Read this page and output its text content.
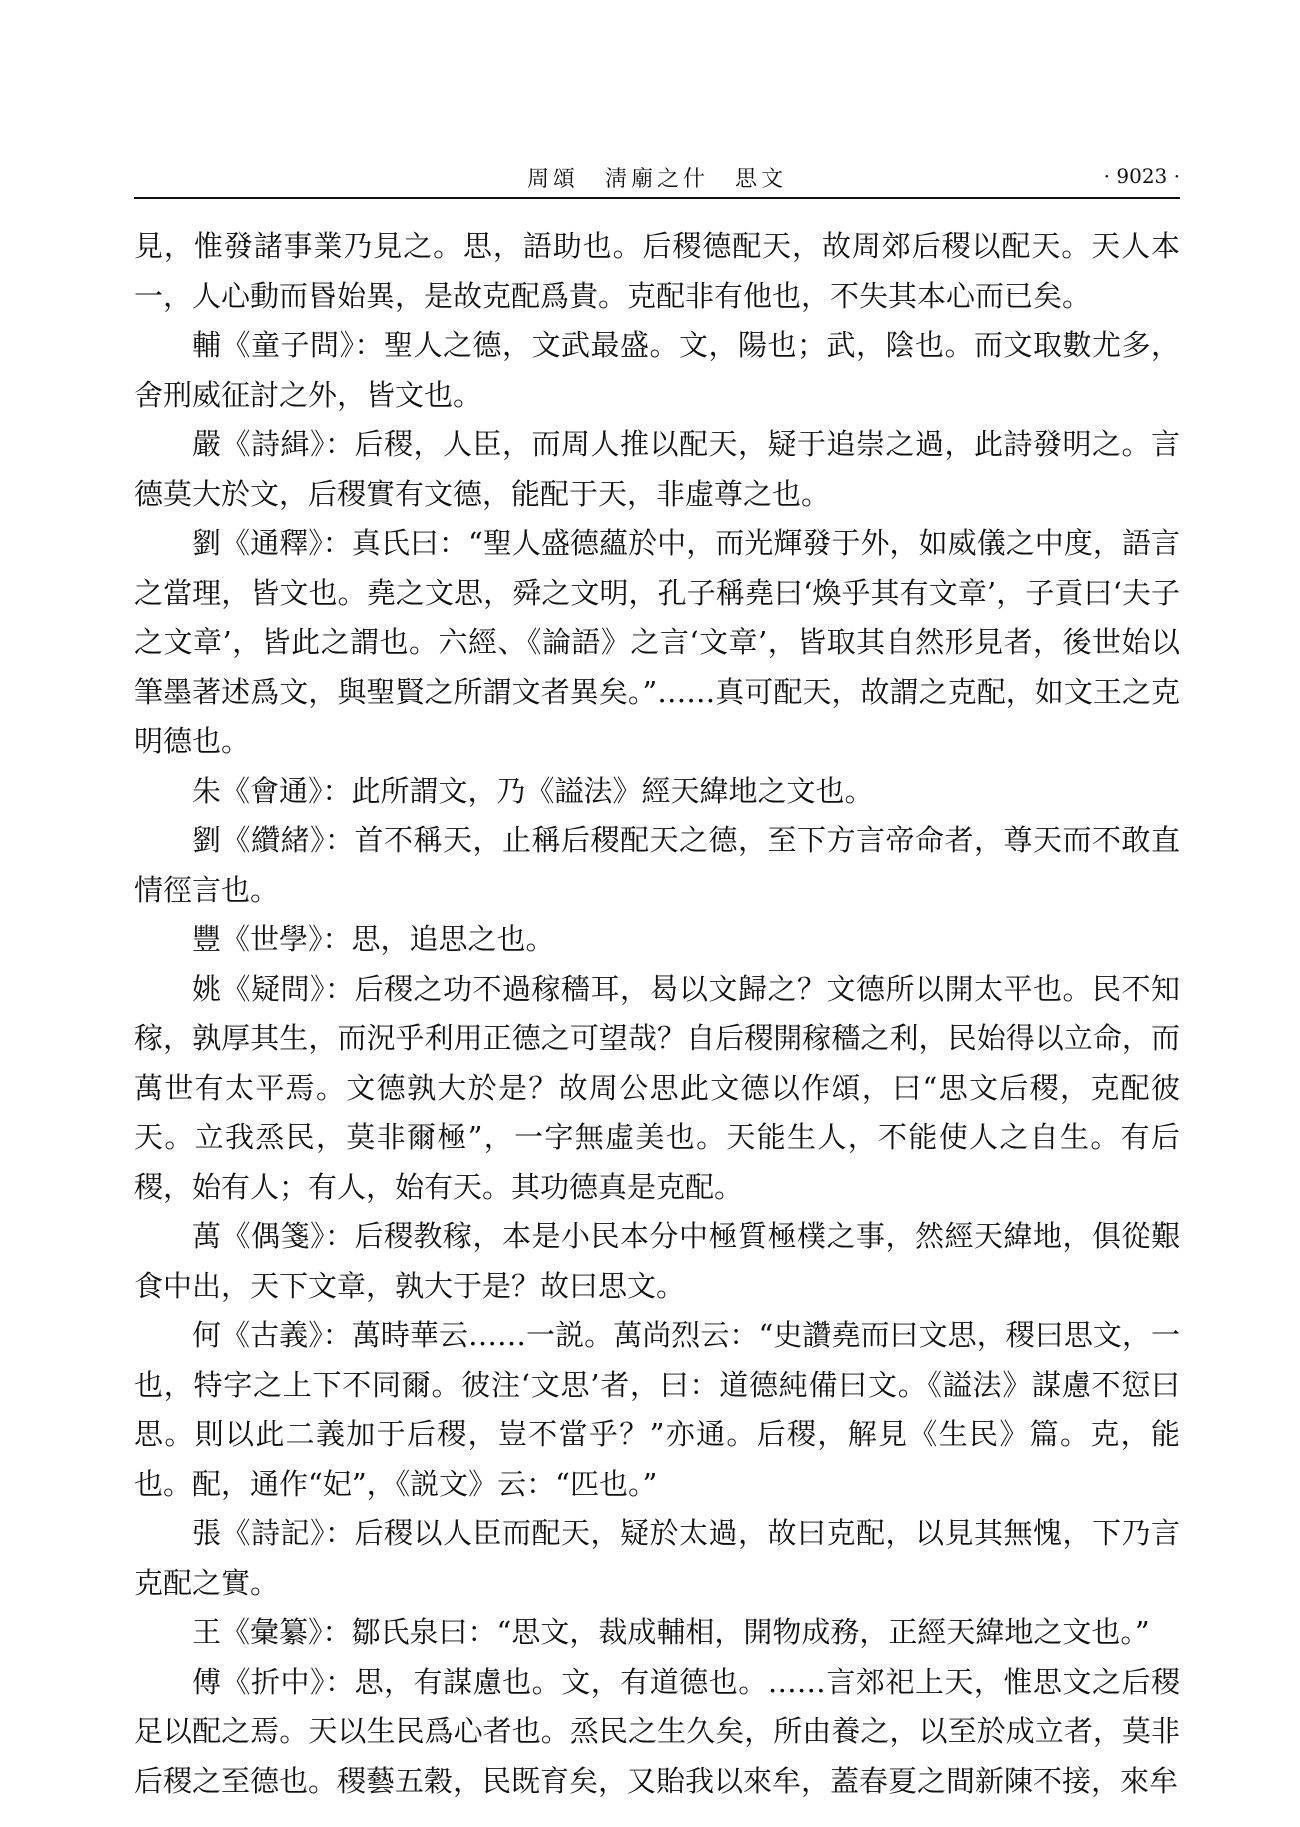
周頌　淸廟之什　思文	· 9023 ·

見，惟發諸事業乃見之。思，語助也。后稷德配天，故周郊后稷以配天。天人本一，人心動而昬始異，是故克配爲貴。克配非有他也，不失其本心而已矣。

輔《童子問》：聖人之德，文武最盛。文，陽也；武，陰也。而文取數尤多，舍刑威征討之外，皆文也。

嚴《詩緝》：后稷，人臣，而周人推以配天，疑于追崇之過，此詩發明之。言德莫大於文，后稷實有文德，能配于天，非虛尊之也。

劉《通釋》：真氏曰：“聖人盛德蘊於中，而光輝發于外，如威儀之中度，語言之當理，皆文也。堯之文思，舜之文明，孔子稱堯曰‘煥乎其有文章’，子貢曰‘夫子之文章’，皆此之謂也。六經、《論語》之言‘文章’，皆取其自然形見者，後世始以筆墨著述爲文，與聖賢之所謂文者異矣。”……真可配天，故謂之克配，如文王之克明德也。

朱《會通》：此所謂文，乃《謚法》經天緯地之文也。

劉《纘緒》：首不稱天，止稱后稷配天之德，至下方言帝命者，尊天而不敢直情徑言也。

豐《世學》：思，追思之也。

姚《疑問》：后稷之功不過稼穡耳，曷以文歸之？文德所以開太平也。民不知稼，孰厚其生，而況乎利用正德之可望哉？自后稷開稼穡之利，民始得以立命，而萬世有太平焉。文德孰大於是？故周公思此文德以作頌，曰“思文后稷，克配彼天。立我烝民，莫非爾極”，一字無虛美也。天能生人，不能使人之自生。有后稷，始有人；有人，始有天。其功德真是克配。

萬《偶箋》：后稷教稼，本是小民本分中極質極樸之事，然經天緯地，俱從艱食中出，天下文章，孰大于是？故曰思文。

何《古義》：萬時華云……一説。萬尚烈云：“史讚堯而曰文思，稷曰思文，一也，特字之上下不同爾。彼注‘文思’者，曰：道德純備曰文。《謚法》謀慮不愆曰思。則以此二義加于后稷，豈不當乎？”亦通。后稷，解見《生民》篇。克，能也。配，通作“妃”，《説文》云：“匹也。”

張《詩記》：后稷以人臣而配天，疑於太過，故曰克配，以見其無愧，下乃言克配之實。

王《彙纂》：鄒氏泉曰：“思文，裁成輔相，開物成務，正經天緯地之文也。”

傅《折中》：思，有謀慮也。文，有道德也。……言郊祀上天，惟思文之后稷足以配之焉。天以生民爲心者也。烝民之生久矣，所由養之，以至於成立者，莫非后稷之至德也。稷藝五穀，民既育矣，又貽我以來牟，蓋春夏之間新陳不接，來牟
